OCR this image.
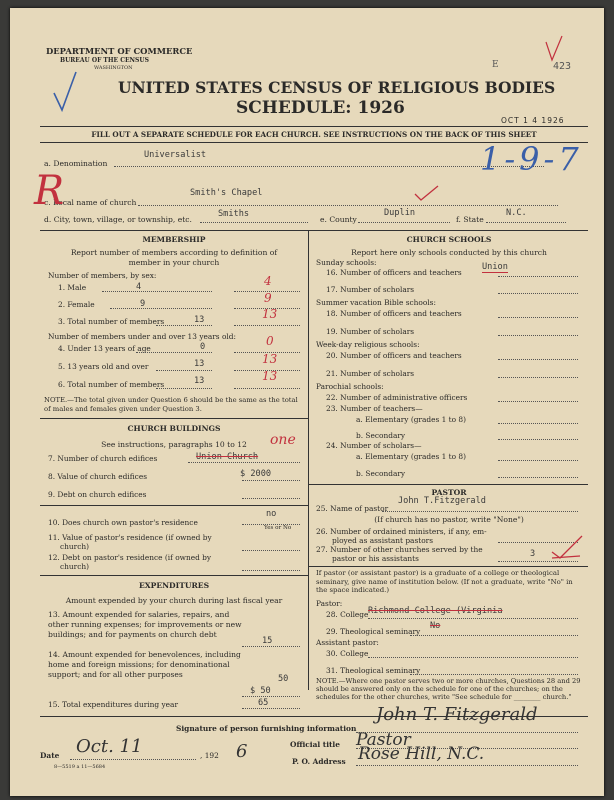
DEPARTMENT OF COMMERCE
BUREAU OF THE CENSUS
WASHINGTON
UNITED STATES CENSUS OF RELIGIOUS BODIES
SCHEDULE: 1926
OCT 1 4 1926
423
E
FILL OUT A SEPARATE SCHEDULE FOR EACH CHURCH. SEE INSTRUCTIONS ON THE BACK OF THIS SHEET
a. Denomination
Universalist
c. Local name of church
Smith's Chapel
d. City, town, village, or township, etc.
Smiths
e. County
Duplin
f. State
N.C.
R
1-9-7
MEMBERSHIP
Report number of members according to definition of
member in your church
Number of members, by sex:
1. Male	4	4
2. Female	9	9
3. Total number of members	13	13
Number of members under and over 13 years old:
4. Under 13 years of age	0	0
5. 13 years old and over	13	13
6. Total number of members	13	13
NOTE.—The total given under Question 6 should be the same as the total of males and females given under Question 3.
CHURCH BUILDINGS
See instructions, paragraphs 10 to 12	one
7. Number of church edifices	Union Church
8. Value of church edifices	$ 2000
9. Debt on church edifices
10. Does church own pastor's residence
no
Yes or No
11. Value of pastor's residence (if owned by
church)
12. Debt on pastor's residence (if owned by
church)
EXPENDITURES
Amount expended by your church during last fiscal year
13. Amount expended for salaries, repairs, and other running expenses; for improvements or new buildings; and for payments on church debt
15
14. Amount expended for benevolences, including home and foreign missions; for denominational support; and for all other purposes
$ 50
50
15. Total expenditures during year	65
CHURCH SCHOOLS
Report here only schools conducted by this church
Sunday schools:
16. Number of officers and teachers
Union
17. Number of scholars
Summer vacation Bible schools:
18. Number of officers and teachers
19. Number of scholars
Week-day religious schools:
20. Number of officers and teachers
21. Number of scholars
Parochial schools:
22. Number of administrative officers
23. Number of teachers—
a. Elementary (grades 1 to 8)
b. Secondary
24. Number of scholars—
a. Elementary (grades 1 to 8)
b. Secondary
PASTOR
25. Name of pastor
John T.Fitzgerald
(If church has no pastor, write "None")
26. Number of ordained ministers, if any, em-
ployed as assistant pastors
27. Number of other churches served by the
pastor or his assistants	3
If pastor (or assistant pastor) is a graduate of a college or theological seminary, give name of institution below. (If not a graduate, write "No" in the space indicated.)
Pastor:
28. College Richmond College (Virginia
29. Theological seminary
No
Assistant pastor:
30. College
31. Theological seminary
NOTE.—Where one pastor serves two or more churches, Questions 28 and 29 should be answered only on the schedule for one of the churches; on the schedules for the other churches, write "See schedule for ________ church."
Signature of person furnishing information
John T. Fitzgerald
Official title Pastor
Date Oct. 11	, 192 6	P. O. Address Rose Hill, N.C.
8—5519 a 11—5684
